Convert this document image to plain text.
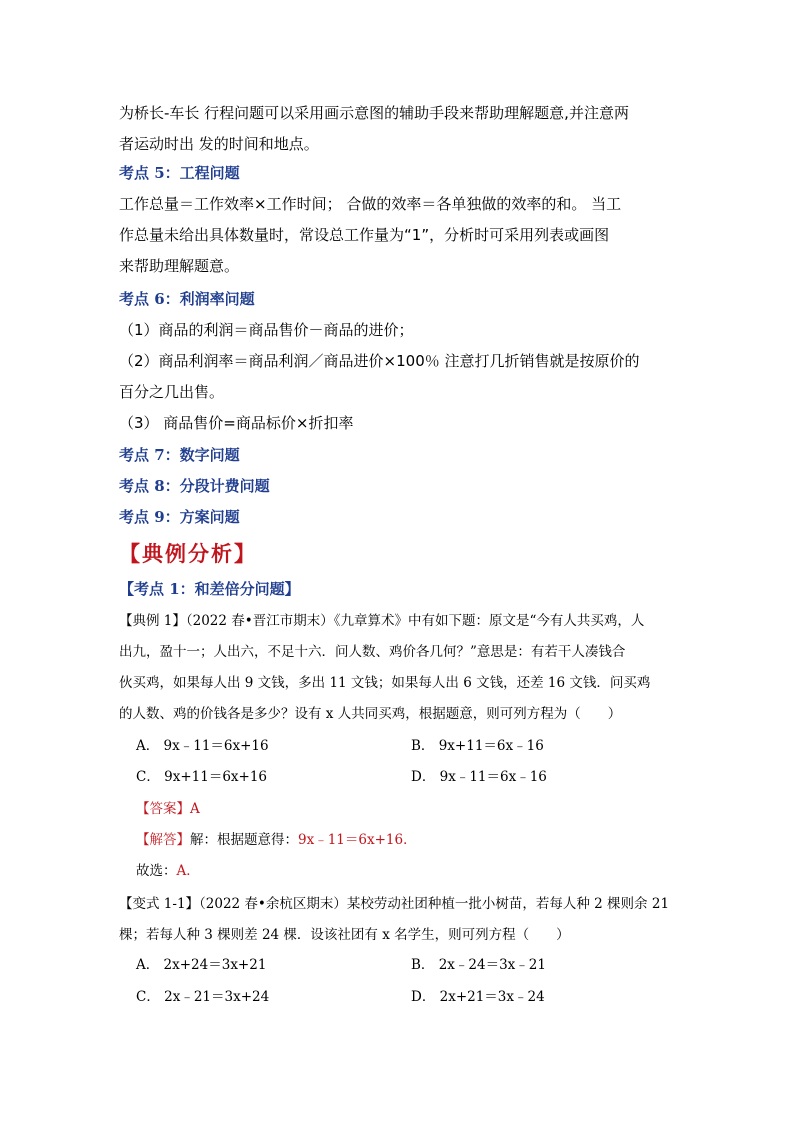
为桥长-车长 行程问题可以采用画示意图的辅助手段来帮助理解题意,并注意两
者运动时出 发的时间和地点。
考点 5：工程问题
工作总量＝工作效率×工作时间； 合做的效率＝各单独做的效率的和。 当工
作总量未给出具体数量时，常设总工作量为“1”，分析时可采用列表或画图
来帮助理解题意。
考点 6：利润率问题
（1）商品的利润＝商品售价－商品的进价；
（2）商品利润率＝商品利润／商品进价×100％ 注意打几折销售就是按原价的
百分之几出售。
（3） 商品售价=商品标价×折扣率
考点 7：数字问题
考点 8：分段计费问题
考点 9：方案问题
【典例分析】
【考点 1：和差倍分问题】
【典例 1】（2022 春•晋江市期末）《九章算术》中有如下题：原文是“今有人共买鸡，人
出九，盈十一；人出六，不足十六．问人数、鸡价各几何？”意思是：有若干人凑钱合
伙买鸡，如果每人出 9 文钱，多出 11 文钱；如果每人出 6 文钱，还差 16 文钱．问买鸡
的人数、鸡的价钱各是多少？设有 x 人共同买鸡，根据题意，则可列方程为（　　）
A． 9x﹣11＝6x+16	B． 9x+11＝6x﹣16
C． 9x+11＝6x+16	D． 9x﹣11＝6x﹣16
【答案】A
【解答】解：根据题意得：9x﹣11＝6x+16．
故选：A．
【变式 1-1】（2022 春•余杭区期末）某校劳动社团种植一批小树苗，若每人种 2 棵则余 21
棵；若每人种 3 棵则差 24 棵．设该社团有 x 名学生，则可列方程（　　）
A． 2x+24＝3x+21	B． 2x﹣24＝3x﹣21
C． 2x﹣21＝3x+24	D． 2x+21＝3x﹣24
